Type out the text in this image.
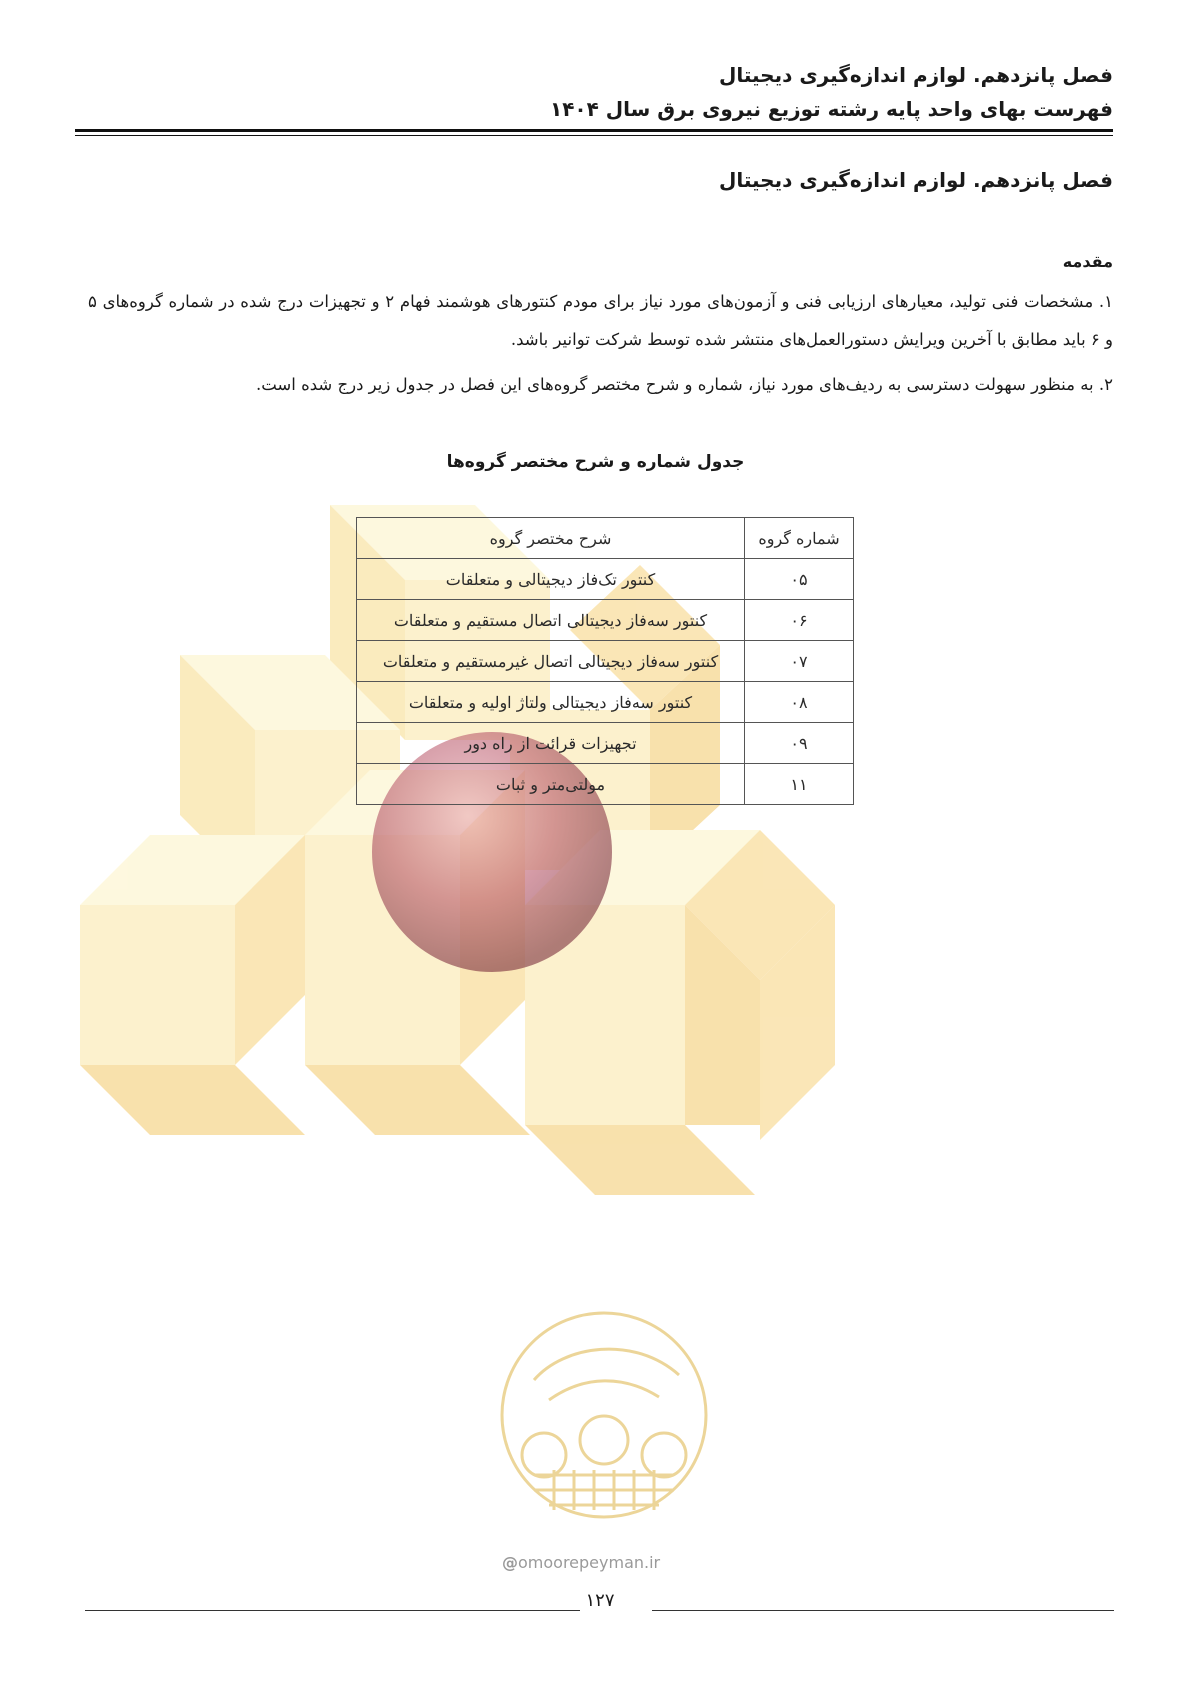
فصل پانزدهم. لوازم اندازه‌گیری دیجیتال
فهرست بهای واحد پایه رشته توزیع نیروی برق سال ۱۴۰۴
فصل پانزدهم. لوازم اندازه‌گیری دیجیتال
مقدمه
۱. مشخصات فنی تولید، معیارهای ارزیابی فنی و آزمون‌های مورد نیاز برای مودم کنتورهای هوشمند فهام ۲ و تجهیزات درج شده در شماره گروه‌های ۵ و ۶ باید مطابق با آخرین ویرایش دستورالعمل‌های منتشر شده توسط شرکت توانیر باشد.
۲. به منظور سهولت دسترسی به ردیف‌های مورد نیاز، شماره و شرح مختصر گروه‌های این فصل در جدول زیر درج شده است.
جدول شماره و شرح مختصر گروه‌ها
شماره گروه	شرح مختصر گروه
۰۵	کنتور تک‌فاز دیجیتالی و متعلقات
۰۶	کنتور سه‌فاز دیجیتالی اتصال مستقیم و متعلقات
۰۷	کنتور سه‌فاز دیجیتالی اتصال غیرمستقیم و متعلقات
۰۸	کنتور سه‌فاز دیجیتالی ولتاژ اولیه و متعلقات
۰۹	تجهیزات قرائت از راه دور
۱۱	مولتی‌متر و ثبات
@omoorepeyman.ir
۱۲۷
